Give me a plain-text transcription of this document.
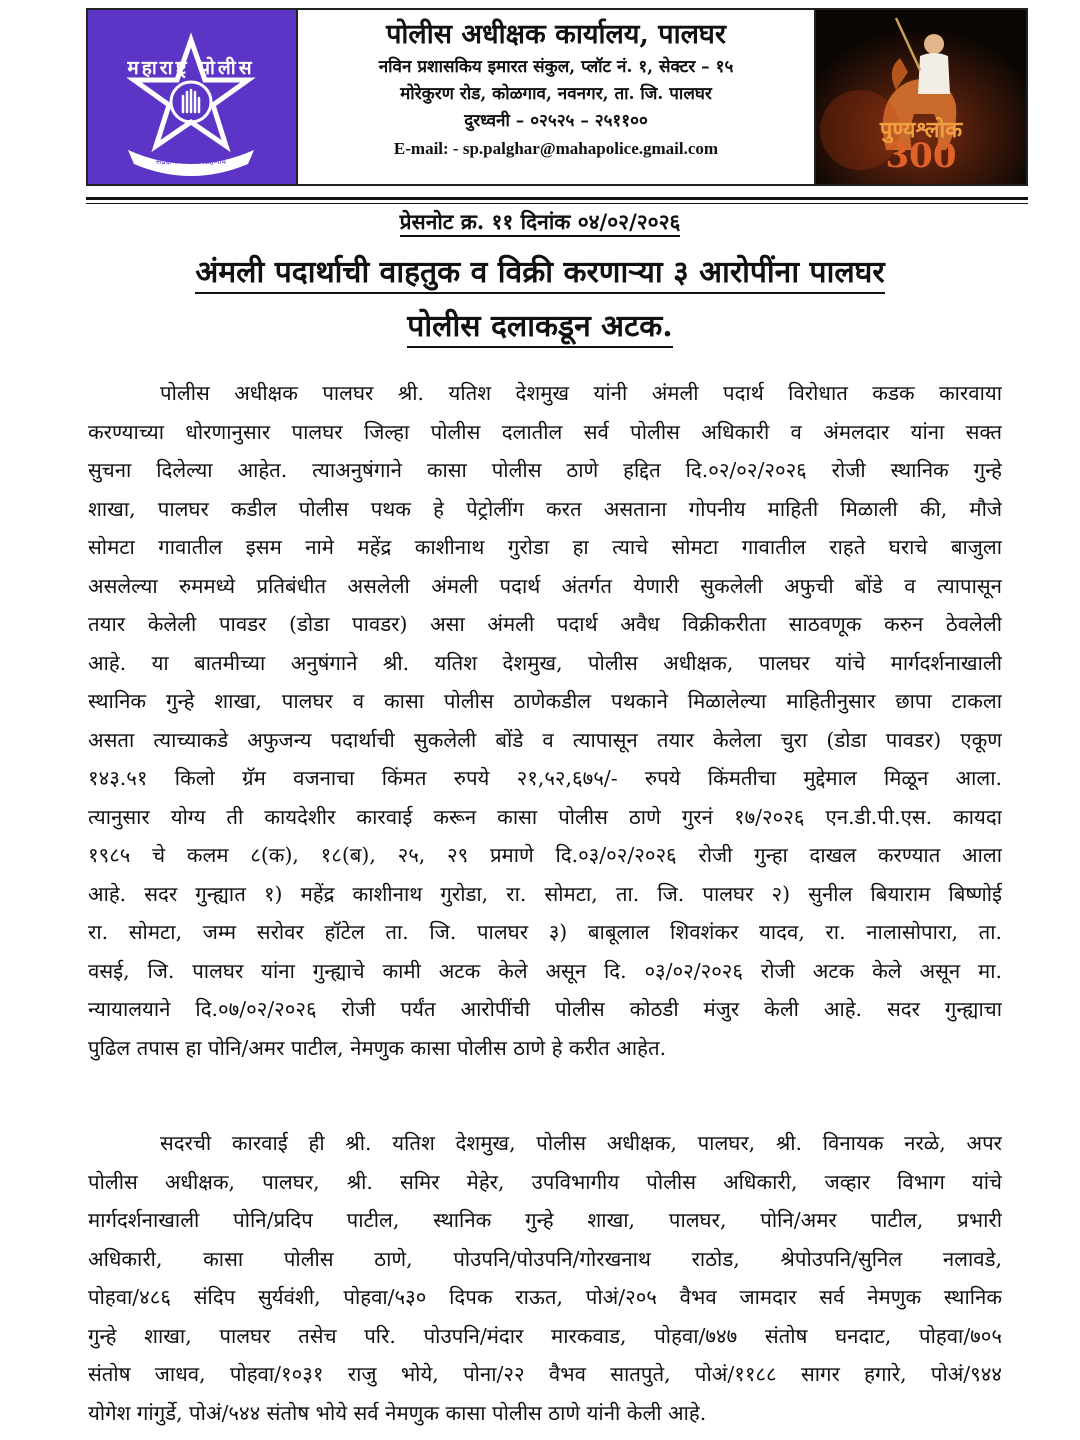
महाराष्ट्र पोलीस
सद्रक्षणाय खलनिग्रहणाय
पोलीस अधीक्षक कार्यालय, पालघर
नविन प्रशासकिय इमारत संकुल, प्लॉट नं. १, सेक्टर – १५
मोरेकुरण रोड, कोळगाव, नवनगर, ता. जि. पालघर
दुरध्वनी – ०२५२५ – २५११००
E-mail: - sp.palghar@mahapolice.gmail.com
पुण्यश्लोक
300
प्रेसनोट क्र. ११ दिनांक ०४/०२/२०२६
अंमली पदार्थाची वाहतुक व विक्री करणाऱ्या ३ आरोपींना पालघर
पोलीस दलाकडून अटक.
पोलीस अधीक्षक पालघर श्री. यतिश देशमुख यांनी अंमली पदार्थ विरोधात कडक कारवाया
करण्याच्या धोरणानुसार पालघर जिल्हा पोलीस दलातील सर्व पोलीस अधिकारी व अंमलदार यांना सक्त
सुचना दिलेल्या आहेत. त्याअनुषंगाने कासा पोलीस ठाणे हद्दित दि.०२/०२/२०२६ रोजी स्थानिक गुन्हे
शाखा, पालघर कडील पोलीस पथक हे पेट्रोलींग करत असताना गोपनीय माहिती मिळाली की, मौजे
सोमटा गावातील इसम नामे महेंद्र काशीनाथ गुरोडा हा त्याचे सोमटा गावातील राहते घराचे बाजुला
असलेल्या रुममध्ये प्रतिबंधीत असलेली अंमली पदार्थ अंतर्गत येणारी सुकलेली अफुची बोंडे व त्यापासून
तयार केलेली पावडर (डोडा पावडर) असा अंमली पदार्थ अवैध विक्रीकरीता साठवणूक करुन ठेवलेली
आहे. या बातमीच्या अनुषंगाने श्री. यतिश देशमुख, पोलीस अधीक्षक, पालघर यांचे मार्गदर्शनाखाली
स्थानिक गुन्हे शाखा, पालघर व कासा पोलीस ठाणेकडील पथकाने मिळालेल्या माहितीनुसार छापा टाकला
असता त्याच्याकडे अफुजन्य पदार्थाची सुकलेली बोंडे व त्यापासून तयार केलेला चुरा (डोडा पावडर) एकूण
१४३.५१ किलो ग्रॅम वजनाचा किंमत रुपये २१,५२,६७५/- रुपये किंमतीचा मुद्देमाल मिळून आला.
त्यानुसार योग्य ती कायदेशीर कारवाई करून कासा पोलीस ठाणे गुरनं १७/२०२६ एन.डी.पी.एस. कायदा
१९८५ चे कलम ८(क), १८(ब), २५, २९ प्रमाणे दि.०३/०२/२०२६ रोजी गुन्हा दाखल करण्यात आला
आहे. सदर गुन्ह्यात १) महेंद्र काशीनाथ गुरोडा, रा. सोमटा, ता. जि. पालघर २) सुनील बियाराम बिष्णोई
रा. सोमटा, जम्म सरोवर हॉटेल ता. जि. पालघर ३) बाबूलाल शिवशंकर यादव, रा. नालासोपारा, ता.
वसई, जि. पालघर यांना गुन्ह्याचे कामी अटक केले असून दि. ०३/०२/२०२६ रोजी अटक केले असून मा.
न्यायालयाने दि.०७/०२/२०२६ रोजी पर्यंत आरोपींची पोलीस कोठडी मंजुर केली आहे. सदर गुन्ह्याचा
पुढिल तपास हा पोनि/अमर पाटील, नेमणुक कासा पोलीस ठाणे हे करीत आहेत.
सदरची कारवाई ही श्री. यतिश देशमुख, पोलीस अधीक्षक, पालघर, श्री. विनायक नरळे, अपर
पोलीस अधीक्षक, पालघर, श्री. समिर मेहेर, उपविभागीय पोलीस अधिकारी, जव्हार विभाग यांचे
मार्गदर्शनाखाली पोनि/प्रदिप पाटील, स्थानिक गुन्हे शाखा, पालघर, पोनि/अमर पाटील, प्रभारी
अधिकारी, कासा पोलीस ठाणे, पोउपनि/पोउपनि/गोरखनाथ राठोड, श्रेपोउपनि/सुनिल नलावडे,
पोहवा/४८६ संदिप सुर्यवंशी, पोहवा/५३० दिपक राऊत, पोअं/२०५ वैभव जामदार सर्व नेमणुक स्थानिक
गुन्हे शाखा, पालघर तसेच परि. पोउपनि/मंदार मारकवाड, पोहवा/७४७ संतोष घनदाट, पोहवा/७०५
संतोष जाधव, पोहवा/१०३१ राजु भोये, पोना/२२ वैभव सातपुते, पोअं/११८८ सागर हगारे, पोअं/९४४
योगेश गांगुर्डे, पोअं/५४४ संतोष भोये सर्व नेमणुक कासा पोलीस ठाणे यांनी केली आहे.
